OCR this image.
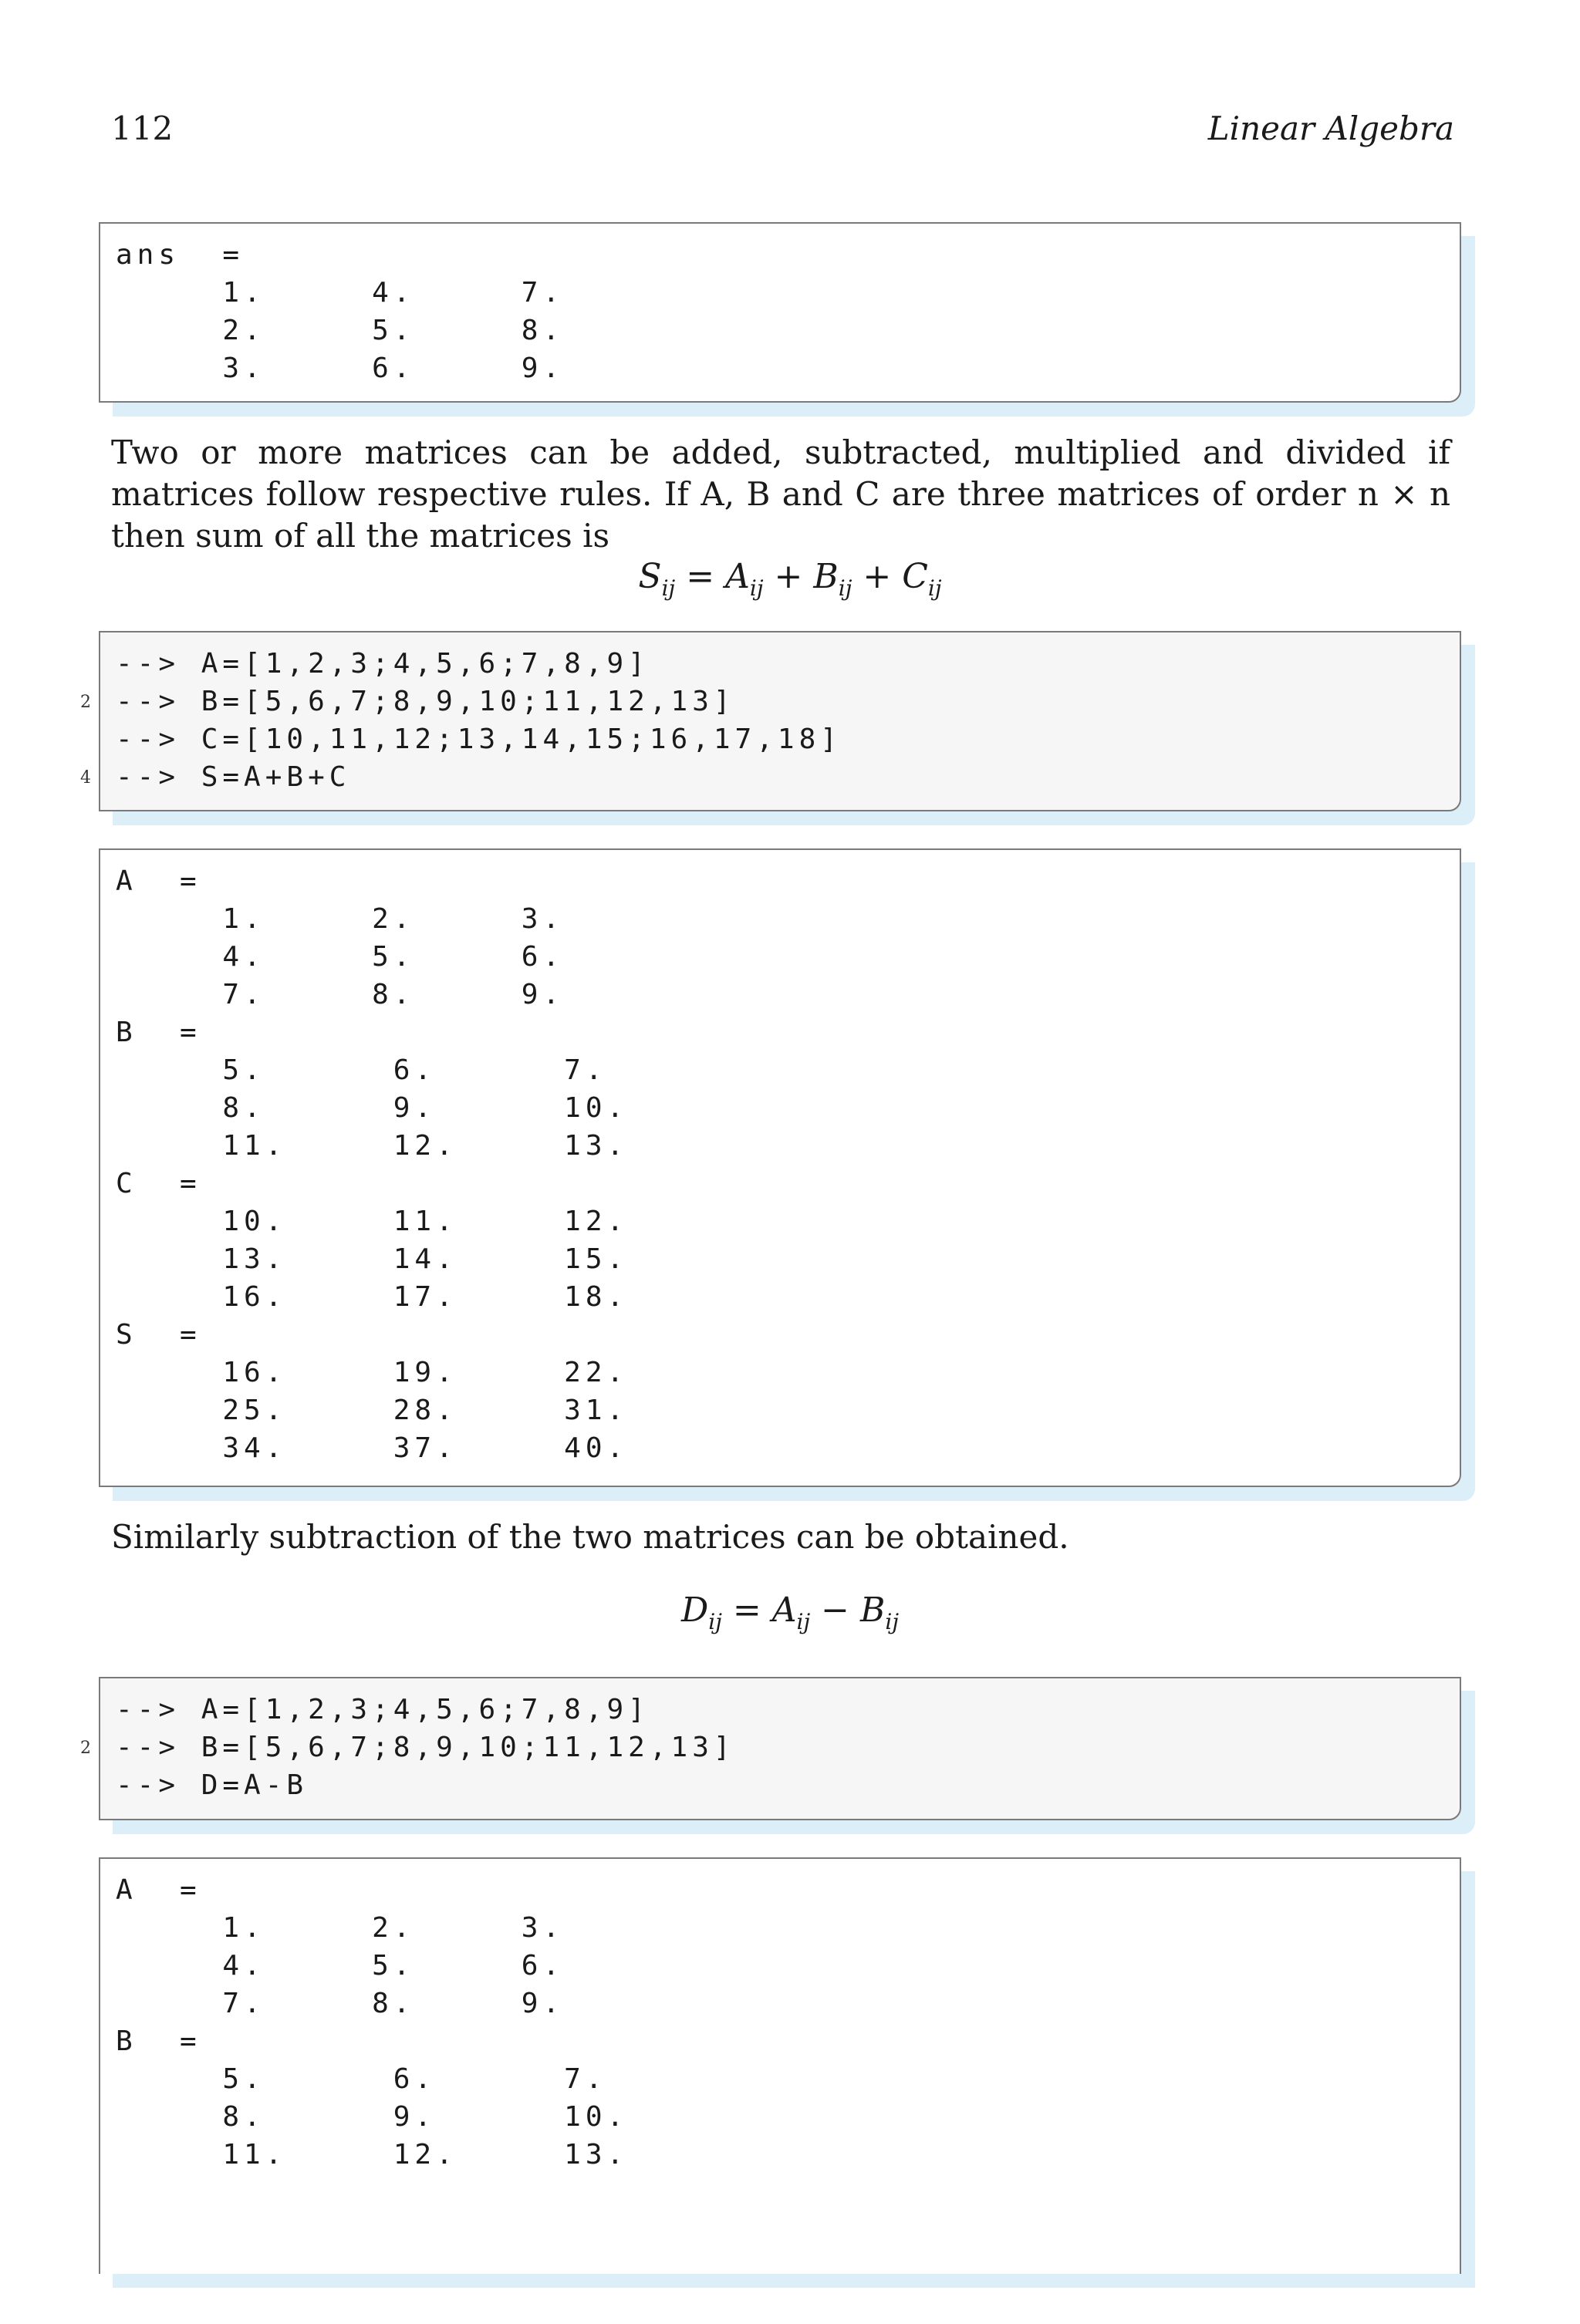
112	Linear Algebra
ans  =
1.     4.     7.
2.     5.     8.
3.     6.     9.
Two or more matrices can be added, subtracted, multiplied and divided if matrices follow respective rules. If A, B and C are three matrices of order n × n then sum of all the matrices is
$S_{ij} = A_{ij} + B_{ij} + C_{ij}$
--> A=[1,2,3;4,5,6;7,8,9]
--> B=[5,6,7;8,9,10;11,12,13]
--> C=[10,11,12;13,14,15;16,17,18]
--> S=A+B+C
2
4
A  =
1.     2.     3.
4.     5.     6.
7.     8.     9.
B  =
5.      6.      7.
8.      9.      10.
11.     12.     13.
C  =
10.     11.     12.
13.     14.     15.
16.     17.     18.
S  =
16.     19.     22.
25.     28.     31.
34.     37.     40.
Similarly subtraction of the two matrices can be obtained.
$D_{ij} = A_{ij} - B_{ij}$
--> A=[1,2,3;4,5,6;7,8,9]
--> B=[5,6,7;8,9,10;11,12,13]
--> D=A-B
2
A  =
1.     2.     3.
4.     5.     6.
7.     8.     9.
B  =
5.      6.      7.
8.      9.      10.
11.     12.     13.
